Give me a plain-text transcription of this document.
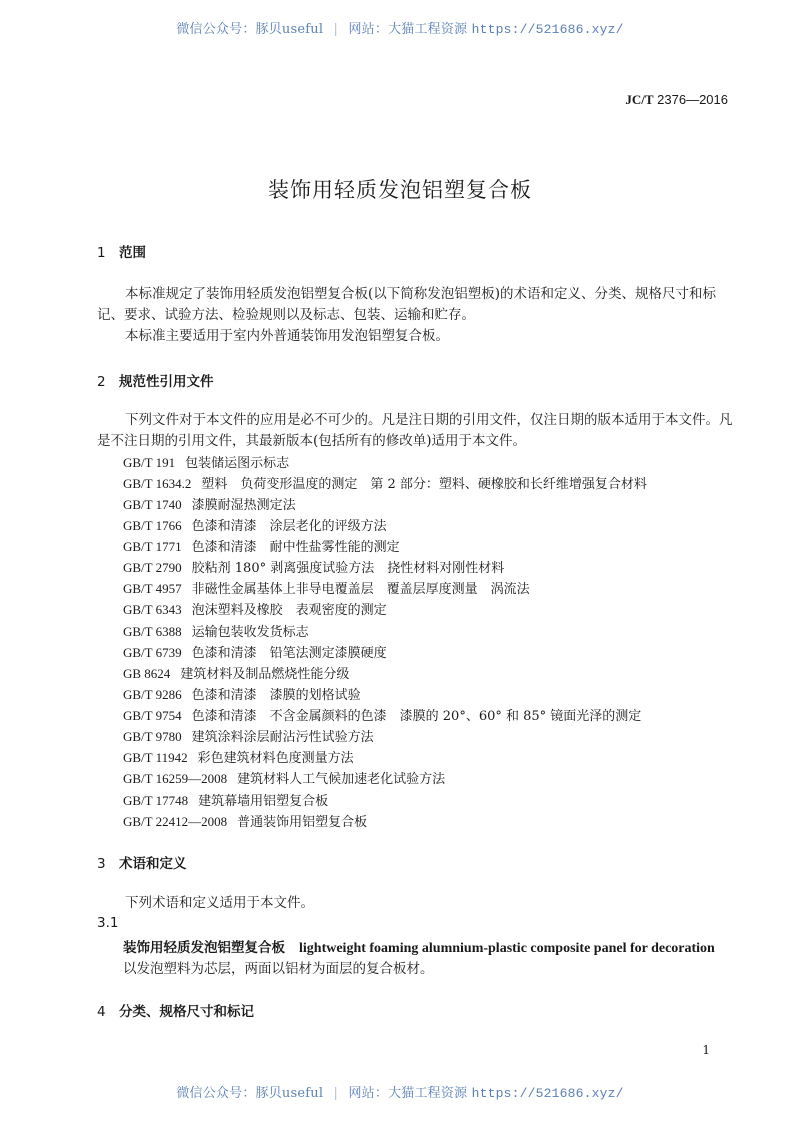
微信公众号：豚贝useful | 网站：大猫工程资源 https://521686.xyz/
JC/T 2376—2016
装饰用轻质发泡铝塑复合板
1 范围
本标准规定了装饰用轻质发泡铝塑复合板(以下简称发泡铝塑板)的术语和定义、分类、规格尺寸和标记、要求、试验方法、检验规则以及标志、包装、运输和贮存。
本标准主要适用于室内外普通装饰用发泡铝塑复合板。
2 规范性引用文件
下列文件对于本文件的应用是必不可少的。凡是注日期的引用文件，仅注日期的版本适用于本文件。凡是不注日期的引用文件，其最新版本(包括所有的修改单)适用于本文件。
GB/T 191 包装储运图示标志
GB/T 1634.2 塑料　负荷变形温度的测定　第 2 部分：塑料、硬橡胶和长纤维增强复合材料
GB/T 1740 漆膜耐湿热测定法
GB/T 1766 色漆和清漆　涂层老化的评级方法
GB/T 1771 色漆和清漆　耐中性盐雾性能的测定
GB/T 2790 胶粘剂 180° 剥离强度试验方法　挠性材料对刚性材料
GB/T 4957 非磁性金属基体上非导电覆盖层　覆盖层厚度测量　涡流法
GB/T 6343 泡沫塑料及橡胶　表观密度的测定
GB/T 6388 运输包装收发货标志
GB/T 6739 色漆和清漆　铅笔法测定漆膜硬度
GB 8624 建筑材料及制品燃烧性能分级
GB/T 9286 色漆和清漆　漆膜的划格试验
GB/T 9754 色漆和清漆　不含金属颜料的色漆　漆膜的 20°、60° 和 85° 镜面光泽的测定
GB/T 9780 建筑涂料涂层耐沾污性试验方法
GB/T 11942 彩色建筑材料色度测量方法
GB/T 16259—2008 建筑材料人工气候加速老化试验方法
GB/T 17748 建筑幕墙用铝塑复合板
GB/T 22412—2008 普通装饰用铝塑复合板
3 术语和定义
下列术语和定义适用于本文件。
3.1
装饰用轻质发泡铝塑复合板 lightweight foaming alumnium-plastic composite panel for decoration
以发泡塑料为芯层，两面以铝材为面层的复合板材。
4 分类、规格尺寸和标记
1
微信公众号：豚贝useful | 网站：大猫工程资源 https://521686.xyz/
